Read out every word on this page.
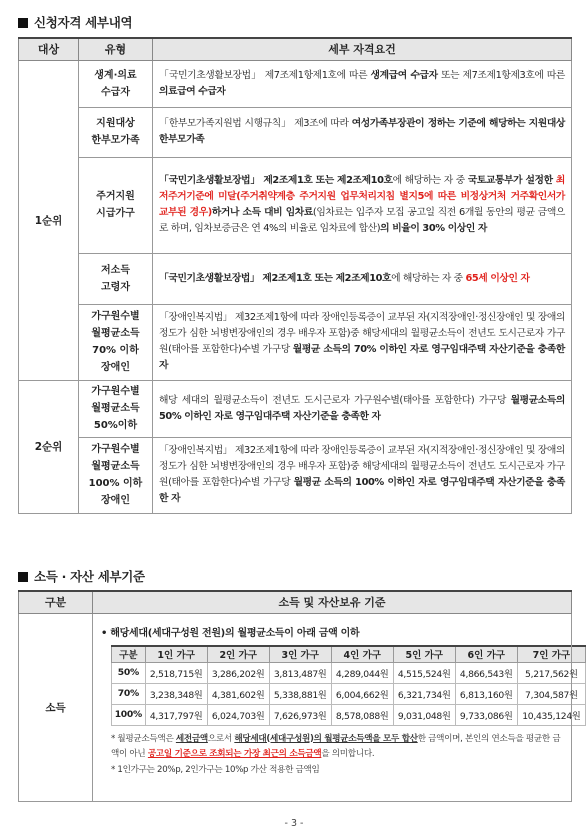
신청자격 세부내역
대상	유형	세부 자격요건
1순위	생계·의료
수급자	「국민기초생활보장법」 제7조제1항제1호에 따른 생계급여 수급자 또는 제7조제1항제3호에 따른 의료급여 수급자

	지원대상
한부모가족	「한부모가족지원법 시행규칙」 제3조에 따라 여성가족부장관이 정하는 기준에 해당하는 지원대상 한부모가족

	주거지원
시급가구	「국민기초생활보장법」 제2조제1호 또는 제2조제10호에 해당하는 자 중 국토교통부가 설정한 최저주거기준에 미달(주거취약계층 주거지원 업무처리지침 별지5에 따른 비정상거처 거주확인서가 교부된 경우)하거나 소득 대비 임차료(임차료는 입주자 모집 공고일 직전 6개월 동안의 평균 금액으로 하며, 임차보증금은 연 4%의 비율로 임차료에 합산)의 비율이 30% 이상인 자

	저소득
고령자	「국민기초생활보장법」 제2조제1호 또는 제2조제10호에 해당하는 자 중 65세 이상인 자

	가구원수별
월평균소득
70% 이하
장애인	「장애인복지법」 제32조제1항에 따라 장애인등록증이 교부된 자(지적장애인·정신장애인 및 장애의 정도가 심한 뇌병변장애인의 경우 배우자 포함)중 해당세대의 월평균소득이 전년도 도시근로자 가구원(태아를 포함한다)수별 가구당 월평균 소득의 70% 이하인 자로 영구임대주택 자산기준을 충족한 자
2순위	가구원수별
월평균소득
50%이하	해당 세대의 월평균소득이 전년도 도시근로자 가구원수별(태아를 포함한다) 가구당 월평균소득의 50% 이하인 자로 영구임대주택 자산기준을 충족한 자

	가구원수별
월평균소득
100% 이하
장애인	「장애인복지법」 제32조제1항에 따라 장애인등록증이 교부된 자(지적장애인·정신장애인 및 장애의 정도가 심한 뇌병변장애인의 경우 배우자 포함)중 해당세대의 월평균소득이 전년도 도시근로자 가구원(태아를 포함한다)수별 가구당 월평균 소득의 100% 이하인 자로 영구임대주택 자산기준을 충족한 자
소득 · 자산 세부기준
구분	소득 및 자산보유 기준
소득	
• 해당세대(세대구성원 전원)의 월평균소득이 아래 금액 이하
구분	1인 가구	2인 가구	3인 가구	4인 가구	5인 가구	6인 가구	7인 가구
50%	2,518,715원	3,286,202원	3,813,487원	4,289,044원	4,515,524원	4,866,543원	5,217,562원
70%	3,238,348원	4,381,602원	5,338,881원	6,004,662원	6,321,734원	6,813,160원	7,304,587원
100%	4,317,797원	6,024,703원	7,626,973원	8,578,088원	9,031,048원	9,733,086원	10,435,124원
* 월평균소득액은 세전금액으로서 해당세대(세대구성원)의 월평균소득액을 모두 합산한 금액이며, 본인의 연소득을 평균한 금액이 아닌 공고일 기준으로 조회되는 가장 최근의 소득금액을 의미합니다.
* 1인가구는 20%p, 2인가구는 10%p 가산 적용한 금액임
- 3 -
